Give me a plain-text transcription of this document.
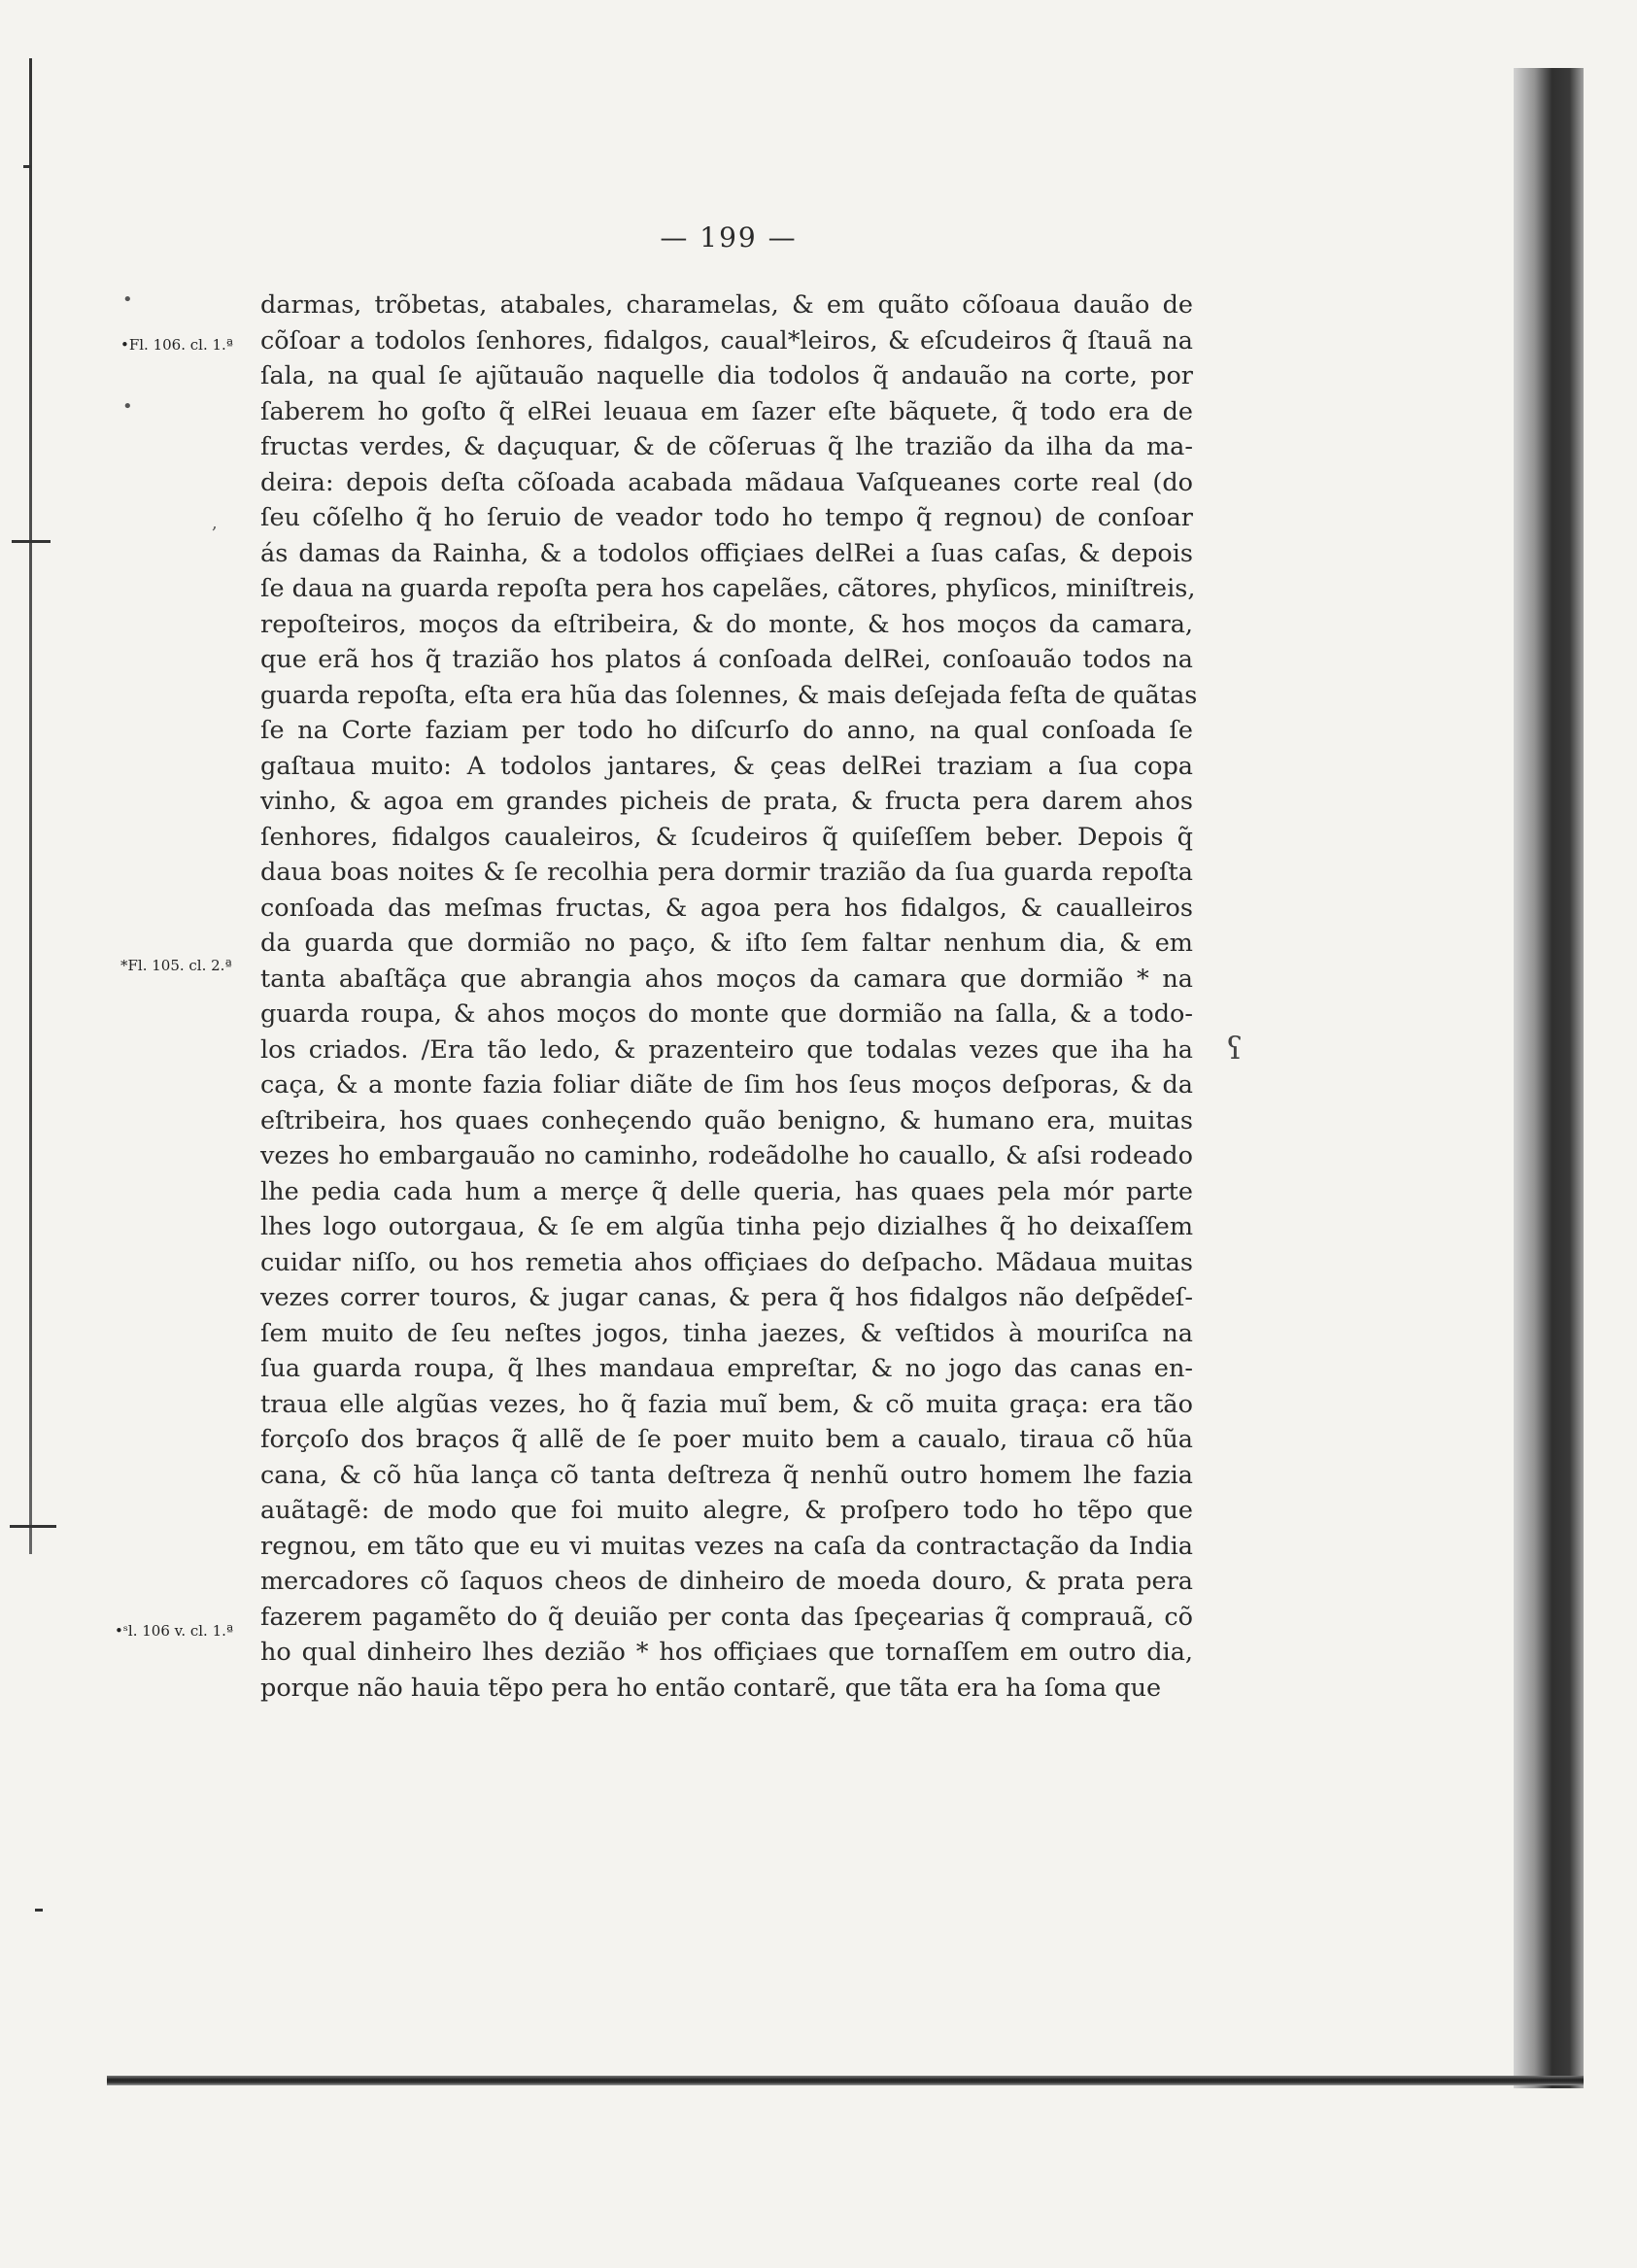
— 199 —
•
•
,
•Fl. 106. cl. 1.ª
*Fl. 105. cl. 2.ª
•ˢl. 106 v. cl. 1.ª
ʕ
darmas, trõbetas, atabales, charamelas, & em quãto cõſoaua dauão de
cõſoar a todolos ſenhores, fidalgos, caual*leiros, & eſcudeiros q̃ ſtauã na
ſala, na qual ſe ajũtauão naquelle dia todolos q̃ andauão na corte, por
ſaberem ho goſto q̃ elRei leuaua em ſazer eſte bãquete, q̃ todo era de
fructas verdes, & daçuquar, & de cõſeruas q̃ lhe trazião da ilha da ma-
deira: depois deſta cõſoada acabada mãdaua Vaſqueanes corte real (do
ſeu cõſelho q̃ ho ſeruio de veador todo ho tempo q̃ regnou) de conſoar
ás damas da Rainha, & a todolos offiçiaes delRei a ſuas caſas, & depois
ſe daua na guarda repoſta pera hos capelães, cãtores, phyſicos, miniſtreis,
repoſteiros, moços da eſtribeira, & do monte, & hos moços da camara,
que erã hos q̃ trazião hos platos á conſoada delRei, conſoauão todos na
guarda repoſta, eſta era hũa das ſolennes, & mais deſejada feſta de quãtas
ſe na Corte faziam per todo ho diſcurſo do anno, na qual conſoada ſe
gaſtaua muito: A todolos jantares, & çeas delRei traziam a ſua copa
vinho, & agoa em grandes picheis de prata, & fructa pera darem ahos
ſenhores, fidalgos caualeiros, & ſcudeiros q̃ quiſeſſem beber. Depois q̃
daua boas noites & ſe recolhia pera dormir trazião da ſua guarda repoſta
conſoada das meſmas fructas, & agoa pera hos fidalgos, & caualleiros
da guarda que dormião no paço, & iſto ſem faltar nenhum dia, & em
tanta abaſtãça que abrangia ahos moços da camara que dormião * na
guarda roupa, & ahos moços do monte que dormião na ſalla, & a todo-
los criados. /Era tão ledo, & prazenteiro que todalas vezes que iha ha
caça, & a monte fazia foliar diãte de ſim hos ſeus moços deſporas, & da
eſtribeira, hos quaes conheçendo quão benigno, & humano era, muitas
vezes ho embargauão no caminho, rodeãdolhe ho cauallo, & aſsi rodeado
lhe pedia cada hum a merçe q̃ delle queria, has quaes pela mór parte
lhes logo outorgaua, & ſe em algũa tinha pejo dizialhes q̃ ho deixaſſem
cuidar niſſo, ou hos remetia ahos offiçiaes do deſpacho. Mãdaua muitas
vezes correr touros, & jugar canas, & pera q̃ hos fidalgos não deſpẽdeſ-
ſem muito de ſeu neſtes jogos, tinha jaezes, & veſtidos à mouriſca na
ſua guarda roupa, q̃ lhes mandaua empreſtar, & no jogo das canas en-
traua elle algũas vezes, ho q̃ fazia muĩ bem, & cõ muita graça: era tão
forçoſo dos braços q̃ allẽ de ſe poer muito bem a caualo, tiraua cõ hũa
cana, & cõ hũa lança cõ tanta deſtreza q̃ nenhũ outro homem lhe fazia
auãtagẽ: de modo que foi muito alegre, & proſpero todo ho tẽpo que
regnou, em tãto que eu vi muitas vezes na caſa da contractação da India
mercadores cõ ſaquos cheos de dinheiro de moeda douro, & prata pera
fazerem pagamẽto do q̃ deuião per conta das ſpeçearias q̃ comprauã, cõ
ho qual dinheiro lhes dezião * hos offiçiaes que tornaſſem em outro dia,
porque não hauia tẽpo pera ho então contarẽ, que tãta era ha ſoma que
